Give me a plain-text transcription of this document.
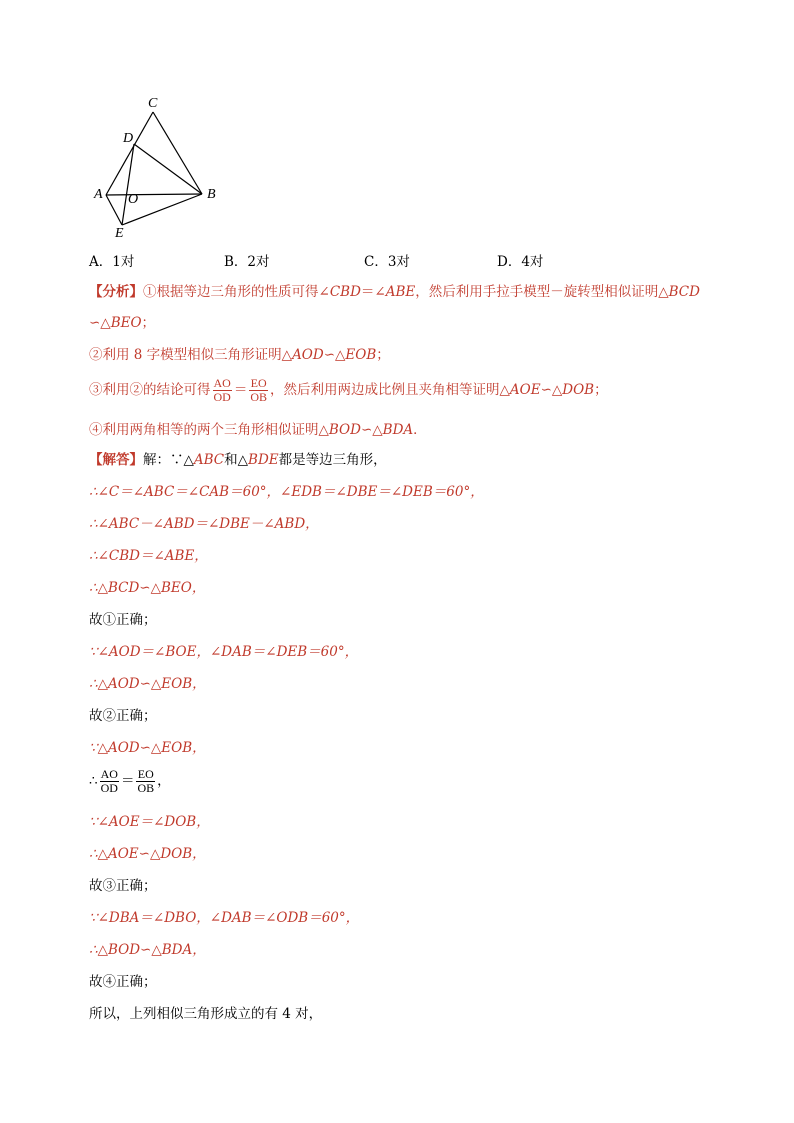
C
D
A O	B
E
A．1对	B．2对	C．3对	D．4对
【分析】①根据等边三角形的性质可得∠CBD＝∠ABE，然后利用手拉手模型－旋转型相似证明△BCD
∽△BEO；
②利用 8 字模型相似三角形证明△AOD∽△EOB；
③利用②的结论可得 $\frac{AO}{OD} = \frac{EO}{OB}$ ，然后利用两边成比例且夹角相等证明△AOE∽△DOB；
④利用两角相等的两个三角形相似证明△BOD∽△BDA．
【解答】解：∵△ABC和△BDE都是等边三角形，
∴∠C＝∠ABC＝∠CAB＝60°，∠EDB＝∠DBE＝∠DEB＝60°，
∴∠ABC－∠ABD＝∠DBE－∠ABD，
∴∠CBD＝∠ABE，
∴△BCD∽△BEO，
故①正确；
∵∠AOD＝∠BOE，∠DAB＝∠DEB＝60°，
∴△AOD∽△EOB，
故②正确；
∵△AOD∽△EOB，
∴ $\frac{AO}{OD} = \frac{EO}{OB}$ ，
∵∠AOE＝∠DOB，
∴△AOE∽△DOB，
故③正确；
∵∠DBA＝∠DBO，∠DAB＝∠ODB＝60°，
∴△BOD∽△BDA，
故④正确；
所以，上列相似三角形成立的有 4 对，
